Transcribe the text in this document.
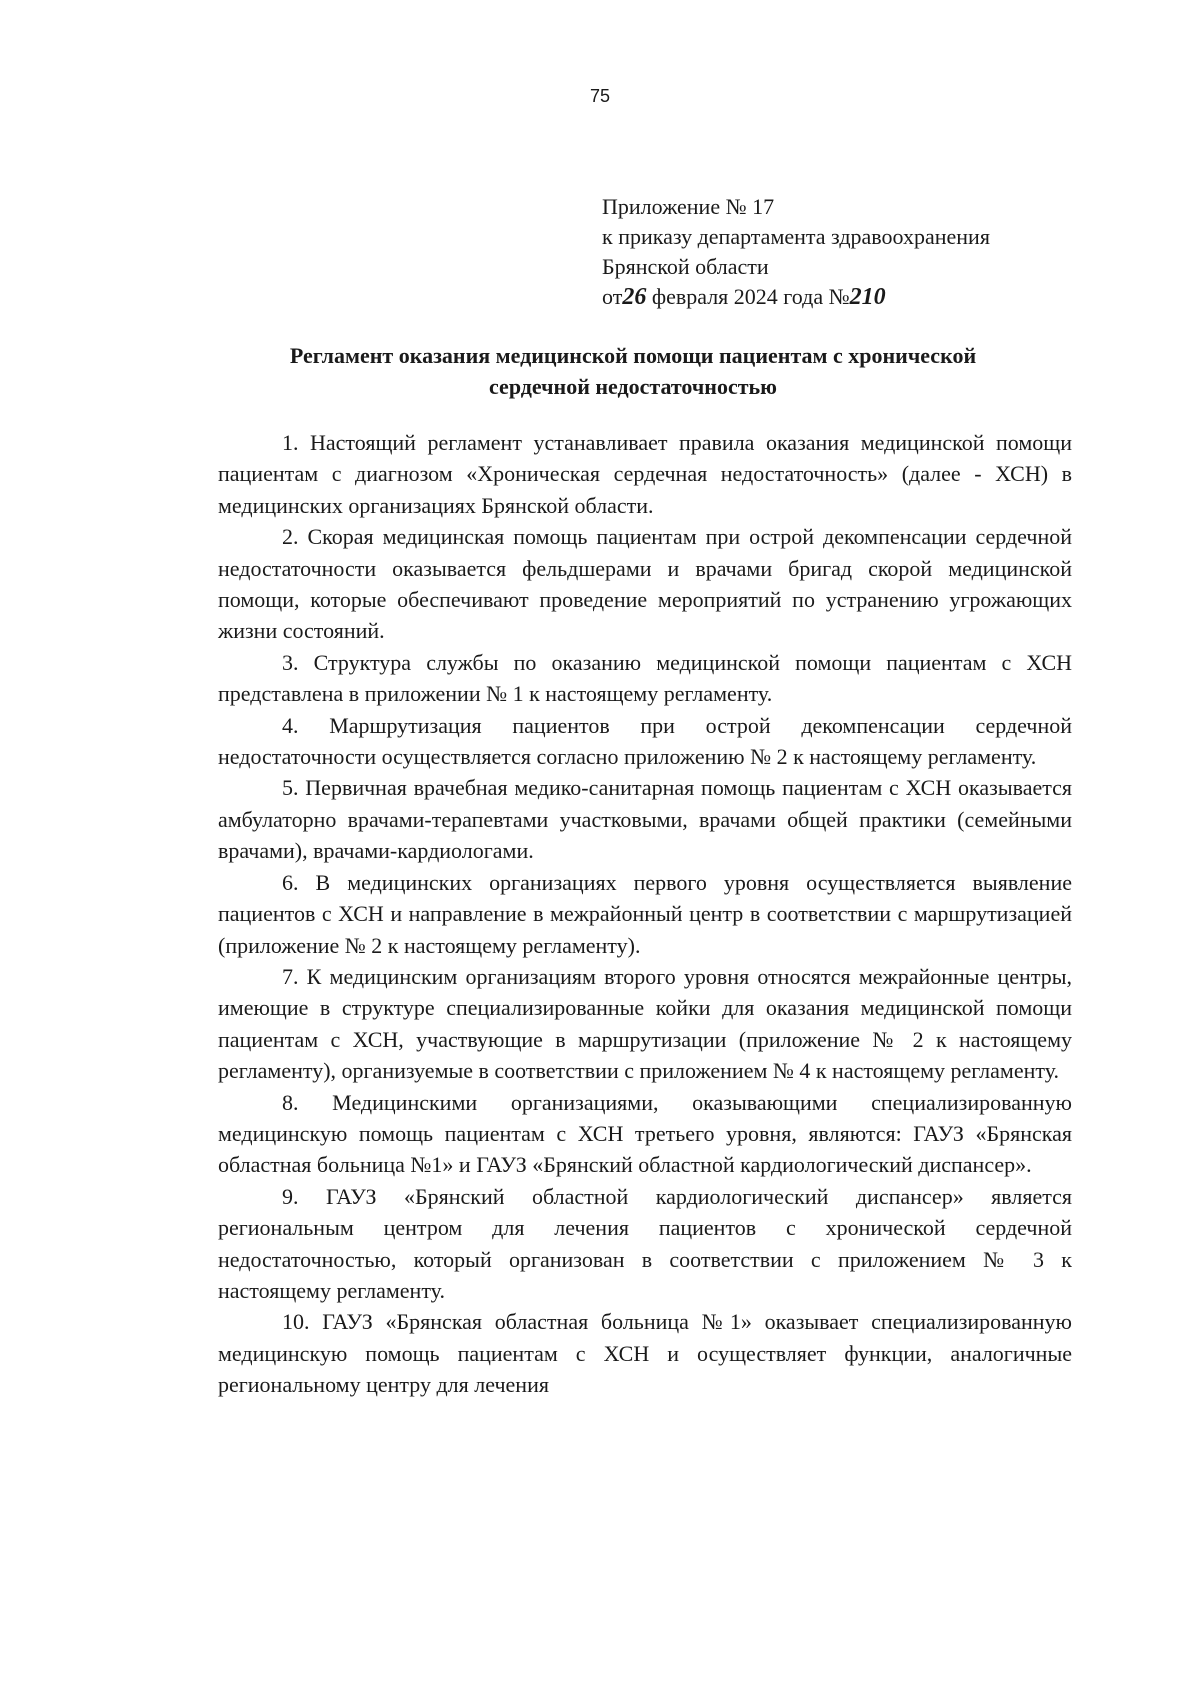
75
Приложение № 17
к приказу департамента здравоохранения
Брянской области
от26 февраля 2024 года №210
Регламент оказания медицинской помощи пациентам с хронической
сердечной недостаточностью

1. Настоящий регламент устанавливает правила оказания медицинской помощи пациентам с диагнозом «Хроническая сердечная недостаточность» (далее - ХСН) в медицинских организациях Брянской области.

2. Скорая медицинская помощь пациентам при острой декомпенсации сердечной недостаточности оказывается фельдшерами и врачами бригад скорой медицинской помощи, которые обеспечивают проведение мероприятий по устранению угрожающих жизни состояний.

3. Структура службы по оказанию медицинской помощи пациентам с ХСН представлена в приложении № 1 к настоящему регламенту.

4. Маршрутизация пациентов при острой декомпенсации сердечной недостаточности осуществляется согласно приложению № 2 к настоящему регламенту.

5. Первичная врачебная медико-санитарная помощь пациентам с ХСН оказывается амбулаторно врачами-терапевтами участковыми, врачами общей практики (семейными врачами), врачами-кардиологами.

6. В медицинских организациях первого уровня осуществляется выявление пациентов с ХСН и направление в межрайонный центр в соответствии с маршрутизацией (приложение № 2 к настоящему регламенту).

7. К медицинским организациям второго уровня относятся межрайонные центры, имеющие в структуре специализированные койки для оказания медицинской помощи пациентам с ХСН, участвующие в маршрутизации (приложение № 2 к настоящему регламенту), организуемые в соответствии с приложением № 4 к настоящему регламенту.

8. Медицинскими организациями, оказывающими специализированную медицинскую помощь пациентам с ХСН третьего уровня, являются: ГАУЗ «Брянская областная больница №1» и ГАУЗ «Брянский областной кардиологический диспансер».

9. ГАУЗ «Брянский областной кардиологический диспансер» является региональным центром для лечения пациентов с хронической сердечной недостаточностью, который организован в соответствии с приложением № 3 к настоящему регламенту.

10. ГАУЗ «Брянская областная больница №1» оказывает специализированную медицинскую помощь пациентам с ХСН и осуществляет функции, аналогичные региональному центру для лечения
